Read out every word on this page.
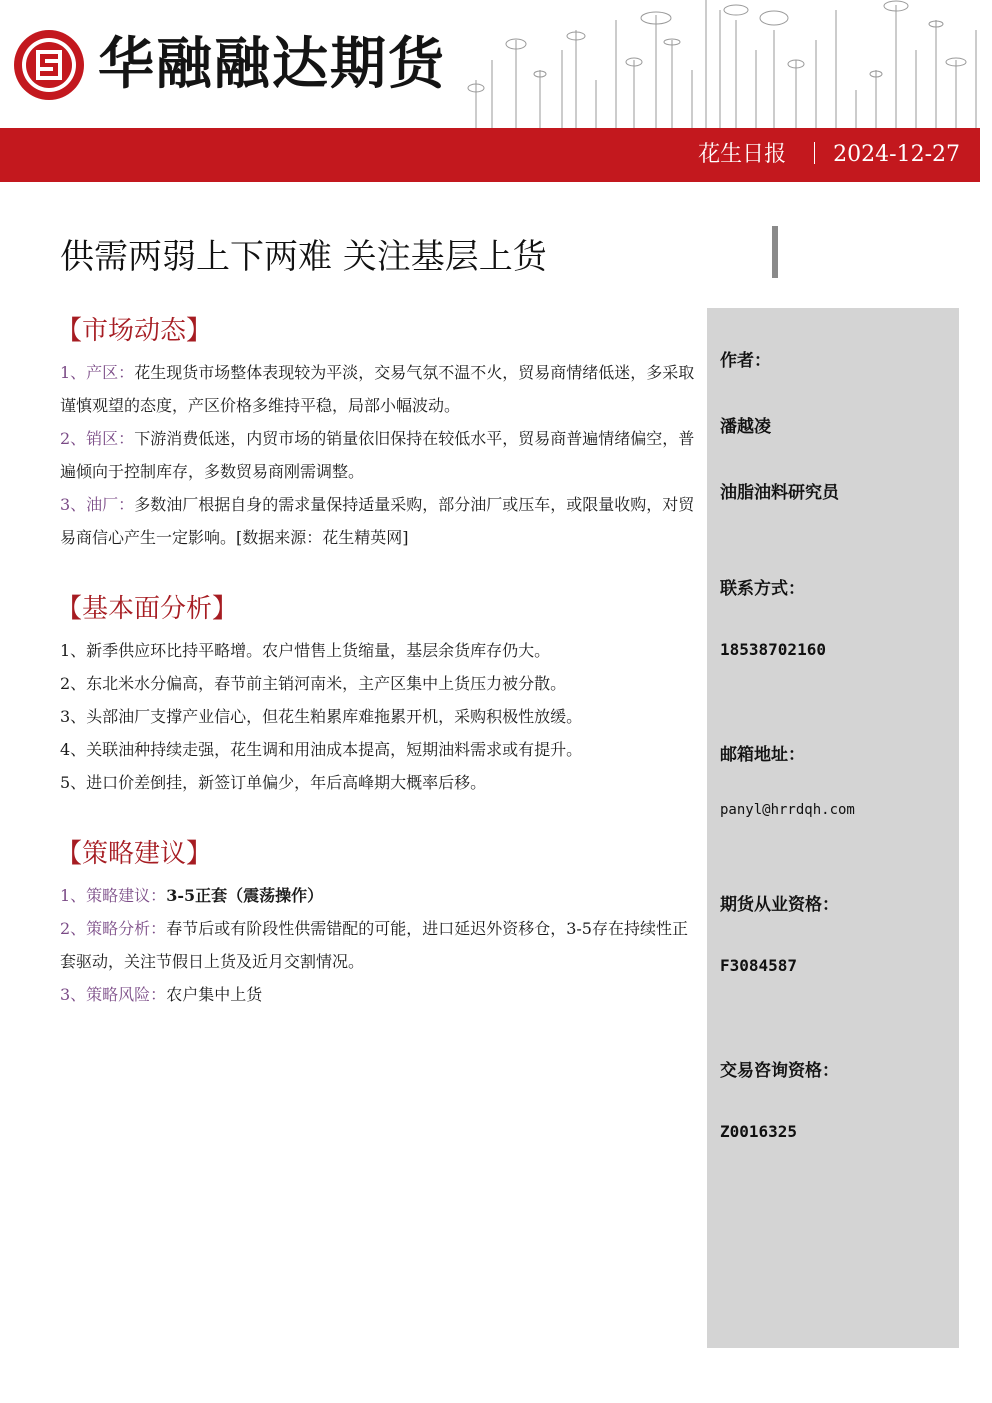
华融融达期货
花生日报 2024-12-27
供需两弱上下两难 关注基层上货
【市场动态】

1、产区：花生现货市场整体表现较为平淡，交易气氛不温不火，贸易商情绪低迷，多采取谨慎观望的态度，产区价格多维持平稳，局部小幅波动。

2、销区：下游消费低迷，内贸市场的销量依旧保持在较低水平，贸易商普遍情绪偏空，普遍倾向于控制库存，多数贸易商刚需调整。

3、油厂：多数油厂根据自身的需求量保持适量采购，部分油厂或压车，或限量收购，对贸易商信心产生一定影响。[数据来源：花生精英网]

【基本面分析】

1、新季供应环比持平略增。农户惜售上货缩量，基层余货库存仍大。

2、东北米水分偏高，春节前主销河南米，主产区集中上货压力被分散。

3、头部油厂支撑产业信心，但花生粕累库难拖累开机，采购积极性放缓。

4、关联油种持续走强，花生调和用油成本提高，短期油料需求或有提升。

5、进口价差倒挂，新签订单偏少，年后高峰期大概率后移。

【策略建议】

1、策略建议：3-5正套（震荡操作）

2、策略分析：春节后或有阶段性供需错配的可能，进口延迟外资移仓，3-5存在持续性正套驱动，关注节假日上货及近月交割情况。

3、策略风险：农户集中上货

作者：
潘越凌
油脂油料研究员
联系方式：
18538702160
邮箱地址：
panyl@hrrdqh.com
期货从业资格：
F3084587
交易咨询资格：
Z0016325
